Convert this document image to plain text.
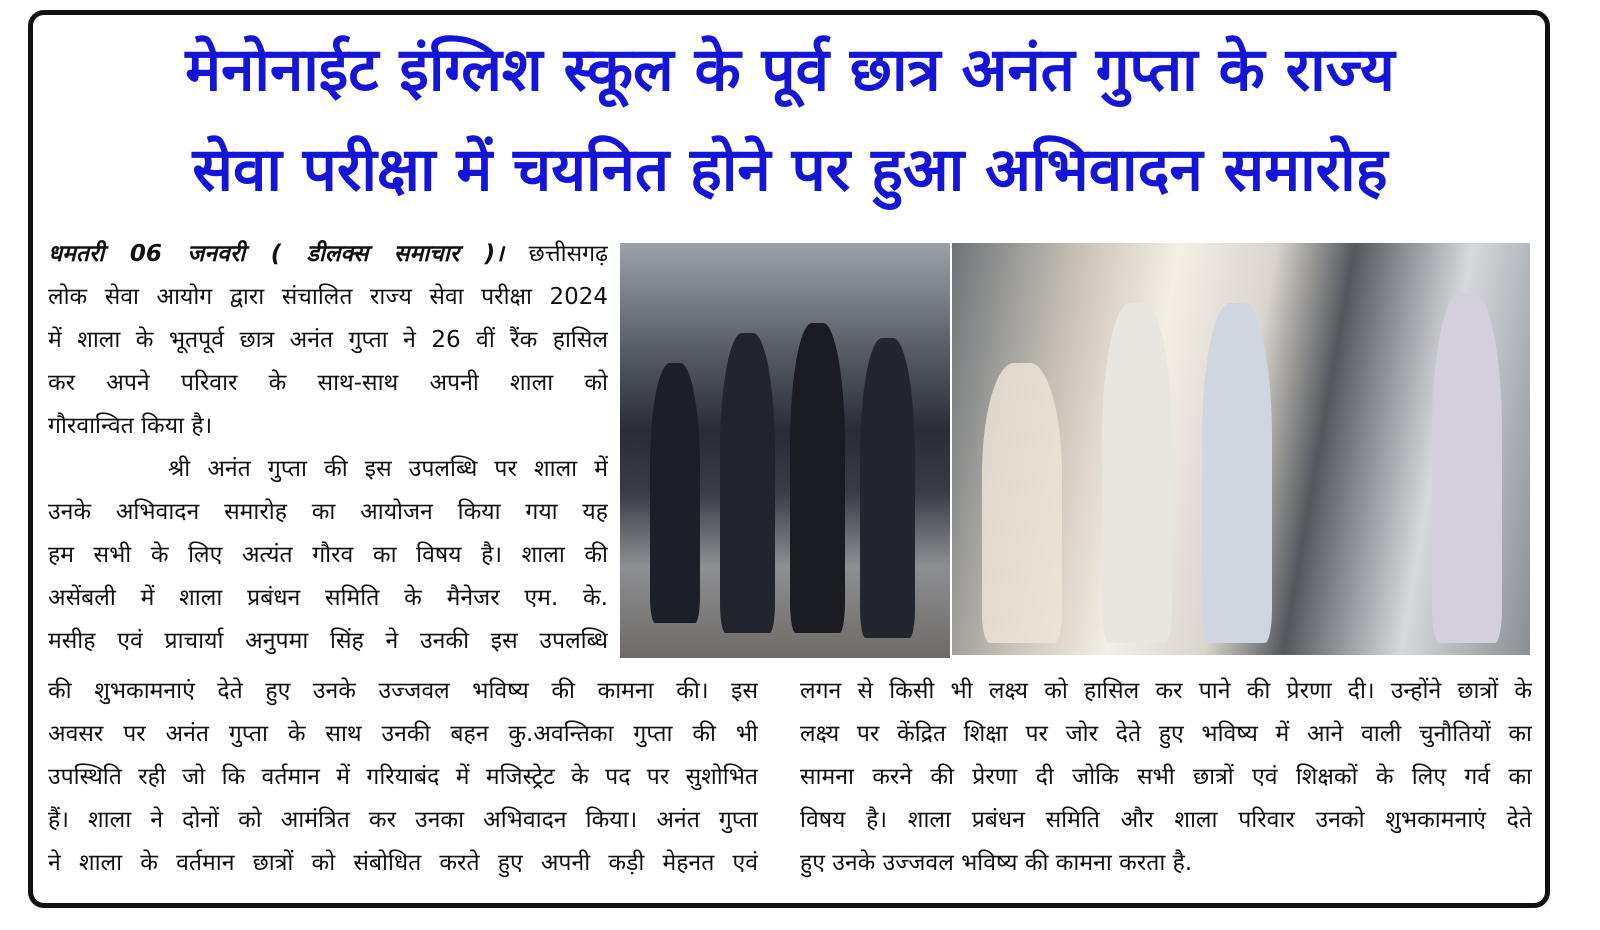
मेनोनाईट इंग्लिश स्कूल के पूर्व छात्र अनंत गुप्ता के राज्य
सेवा परीक्षा में चयनित होने पर हुआ अभिवादन समारोह
धमतरी 06 जनवरी ( डीलक्स समाचार )। छत्तीसगढ़
लोक सेवा आयोग द्वारा संचालित राज्य सेवा परीक्षा 2024
में शाला के भूतपूर्व छात्र अनंत गुप्ता ने 26 वीं रैंक हासिल
कर अपने परिवार के साथ-साथ अपनी शाला को
गौरवान्वित किया है।
श्री अनंत गुप्ता की इस उपलब्धि पर शाला में
उनके अभिवादन समारोह का आयोजन किया गया यह
हम सभी के लिए अत्यंत गौरव का विषय है। शाला की
असेंबली में शाला प्रबंधन समिति के मैनेजर एम. के.
मसीह एवं प्राचार्या अनुपमा सिंह ने उनकी इस उपलब्धि
की शुभकामनाएं देते हुए उनके उज्जवल भविष्य की कामना की। इस
अवसर पर अनंत गुप्ता के साथ उनकी बहन कु.अवन्तिका गुप्ता की भी
उपस्थिति रही जो कि वर्तमान में गरियाबंद में मजिस्ट्रेट के पद पर सुशोभित
हैं। शाला ने दोनों को आमंत्रित कर उनका अभिवादन किया। अनंत गुप्ता
ने शाला के वर्तमान छात्रों को संबोधित करते हुए अपनी कड़ी मेहनत एवं
लगन से किसी भी लक्ष्य को हासिल कर पाने की प्रेरणा दी। उन्होंने छात्रों के
लक्ष्य पर केंद्रित शिक्षा पर जोर देते हुए भविष्य में आने वाली चुनौतियों का
सामना करने की प्रेरणा दी जोकि सभी छात्रों एवं शिक्षकों के लिए गर्व का
विषय है। शाला प्रबंधन समिति और शाला परिवार उनको शुभकामनाएं देते
हुए उनके उज्जवल भविष्य की कामना करता है.
